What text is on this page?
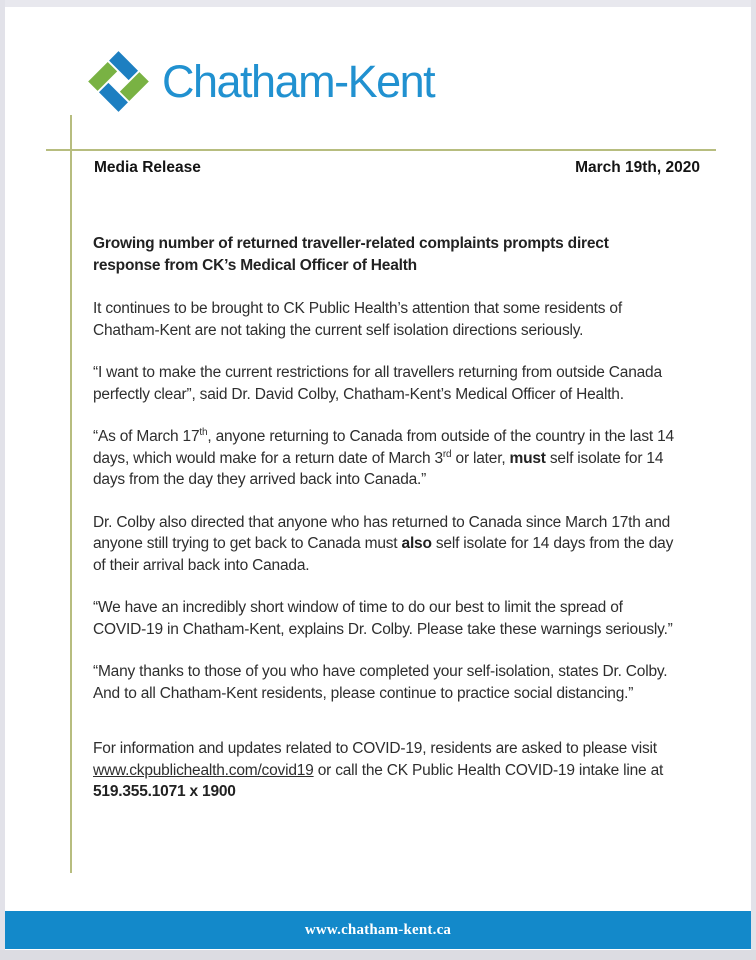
Chatham-Kent
Media Release	March 19th, 2020
Growing number of returned traveller-related complaints prompts direct response from CK’s Medical Officer of Health

It continues to be brought to CK Public Health’s attention that some residents of Chatham-Kent are not taking the current self isolation directions seriously.

“I want to make the current restrictions for all travellers returning from outside Canada perfectly clear”, said Dr. David Colby, Chatham-Kent’s Medical Officer of Health.

“As of March 17th, anyone returning to Canada from outside of the country in the last 14 days, which would make for a return date of March 3rd or later, must self isolate for 14 days from the day they arrived back into Canada.”

Dr. Colby also directed that anyone who has returned to Canada since March 17th and anyone still trying to get back to Canada must also self isolate for 14 days from the day of their arrival back into Canada.

“We have an incredibly short window of time to do our best to limit the spread of COVID-19 in Chatham-Kent, explains Dr. Colby. Please take these warnings seriously.”

“Many thanks to those of you who have completed your self-isolation, states Dr. Colby. And to all Chatham-Kent residents, please continue to practice social distancing.”

For information and updates related to COVID-19, residents are asked to please visit www.ckpublichealth.com/covid19 or call the CK Public Health COVID-19 intake line at 519.355.1071 x 1900

www.chatham-kent.ca
